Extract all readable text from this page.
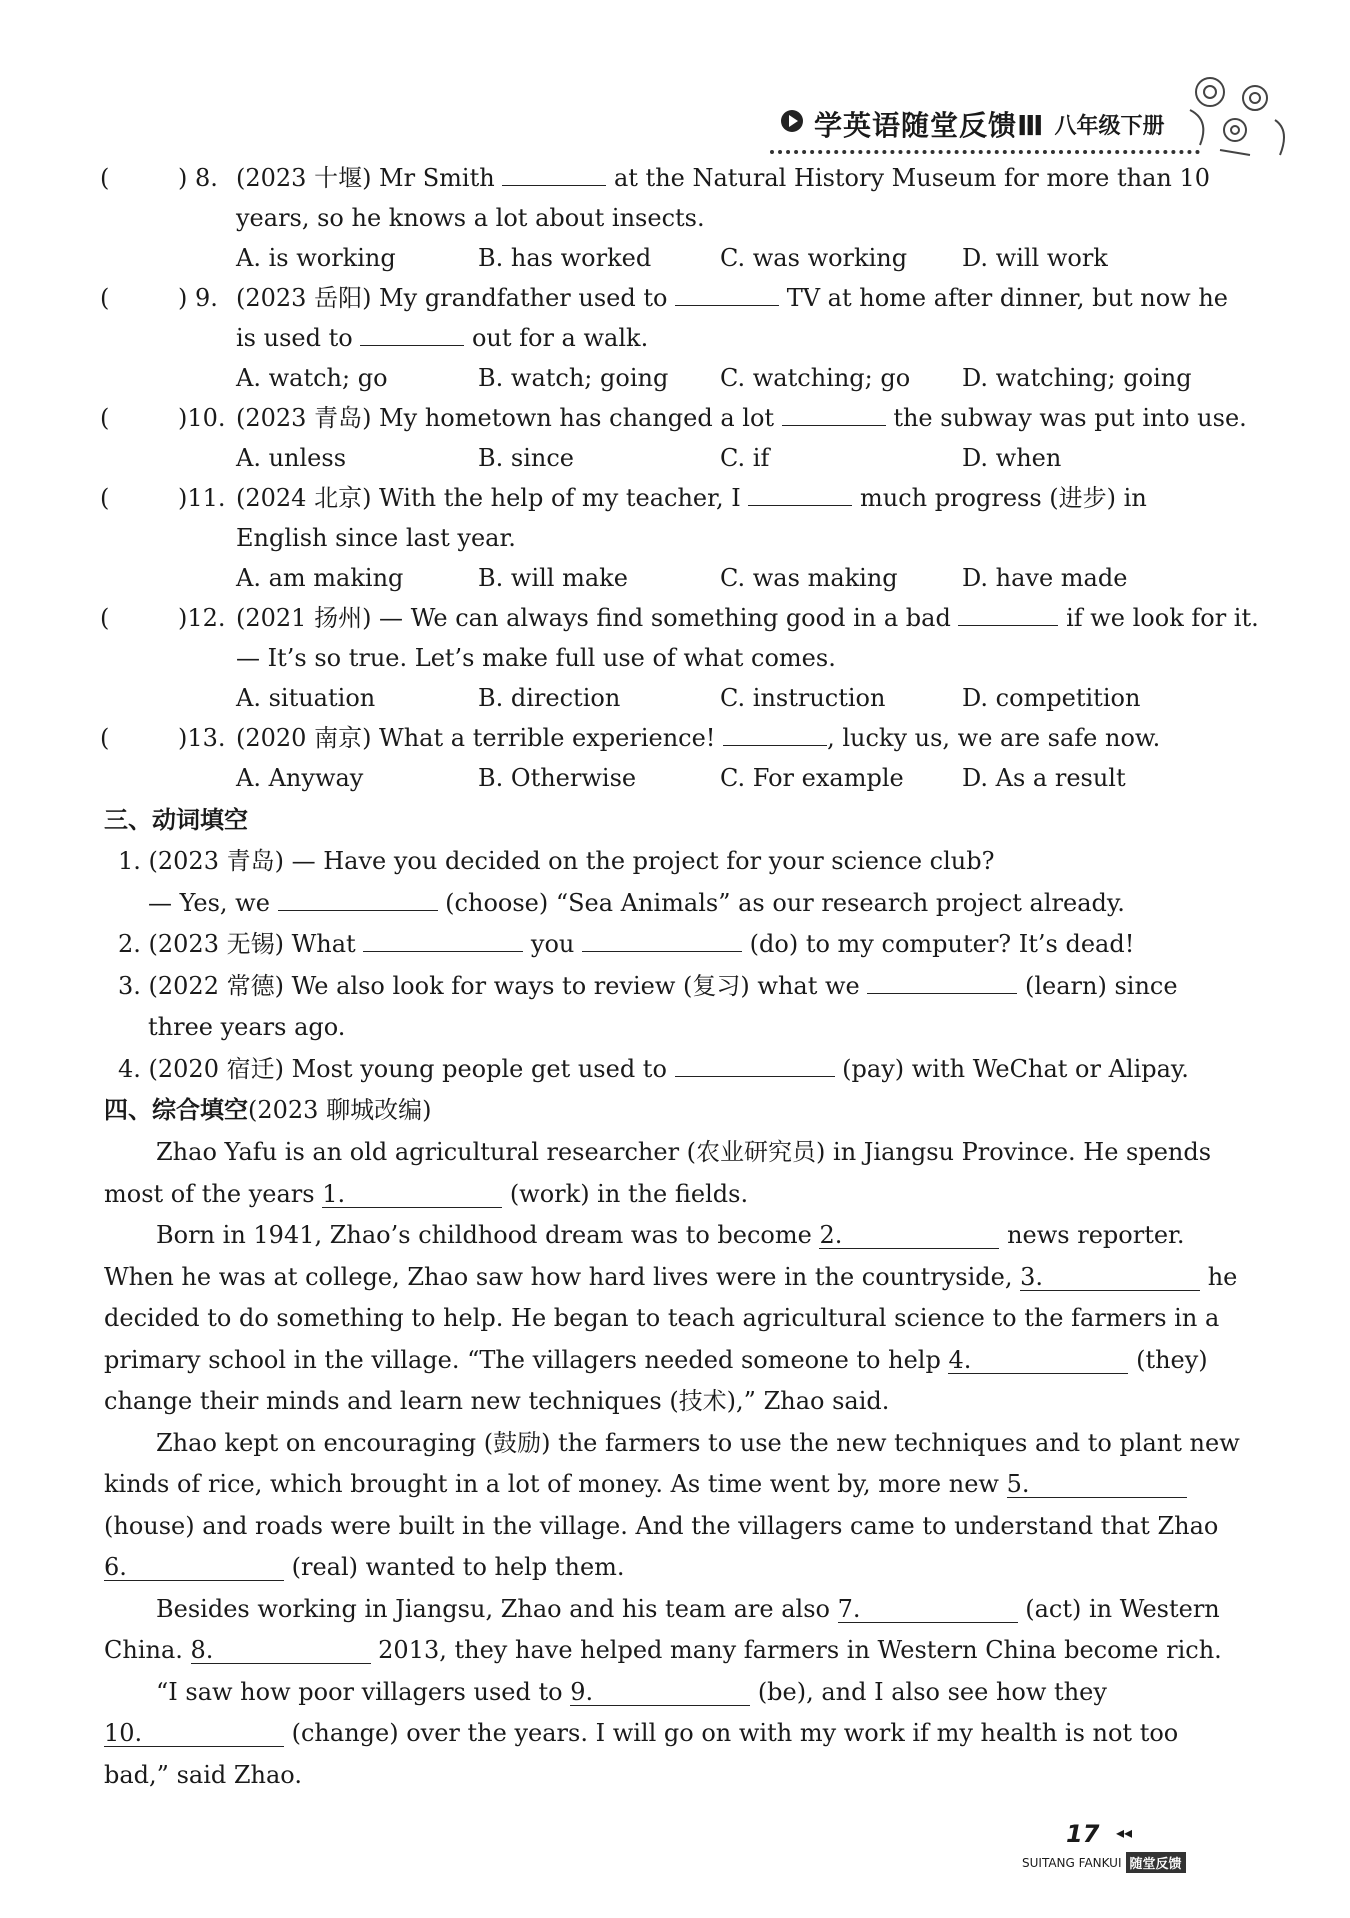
学英语随堂反馈Ⅲ 八年级下册
(	) 8. (2023 十堰) Mr Smith	at the Natural History Museum for more than 10
years, so he knows a lot about insects.
A. is working	B. has worked	C. was working	D. will work
(	) 9. (2023 岳阳) My grandfather used to	TV at home after dinner, but now he
is used to	out for a walk.
A. watch; go	B. watch; going	C. watching; go	D. watching; going
(	)10. (2023 青岛) My hometown has changed a lot	the subway was put into use.
A. unless	B. since	C. if	D. when
(	)11. (2024 北京) With the help of my teacher, I	much progress (进步) in
English since last year.
A. am making	B. will make	C. was making	D. have made
(	)12. (2021 扬州) — We can always find something good in a bad	if we look for it.
— It’s so true. Let’s make full use of what comes.
A. situation	B. direction	C. instruction	D. competition
(	)13. (2020 南京) What a terrible experience!	, lucky us, we are safe now.
A. Anyway	B. Otherwise	C. For example	D. As a result
三、动词填空
1. (2023 青岛) — Have you decided on the project for your science club?
— Yes, we	(choose) “Sea Animals” as our research project already.
2. (2023 无锡) What	you	(do) to my computer? It’s dead!
3. (2022 常德) We also look for ways to review (复习) what we	(learn) since
three years ago.
4. (2020 宿迁) Most young people get used to	(pay) with WeChat or Alipay.
四、综合填空(2023 聊城改编)
Zhao Yafu is an old agricultural researcher (农业研究员) in Jiangsu Province. He spends
most of the years 1.	(work) in the fields.
Born in 1941, Zhao’s childhood dream was to become 2.	news reporter.
When he was at college, Zhao saw how hard lives were in the countryside, 3.	he
decided to do something to help. He began to teach agricultural science to the farmers in a
primary school in the village. “The villagers needed someone to help 4.	(they)
change their minds and learn new techniques (技术),” Zhao said.
Zhao kept on encouraging (鼓励) the farmers to use the new techniques and to plant new
kinds of rice, which brought in a lot of money. As time went by, more new 5.
(house) and roads were built in the village. And the villagers came to understand that Zhao
6.	(real) wanted to help them.
Besides working in Jiangsu, Zhao and his team are also 7.	(act) in Western
China. 8.	2013, they have helped many farmers in Western China become rich.
“I saw how poor villagers used to 9.	(be), and I also see how they
10.	(change) over the years. I will go on with my work if my health is not too
bad,” said Zhao.
17 ◂◂
SUITANG FANKUI 随堂反馈
